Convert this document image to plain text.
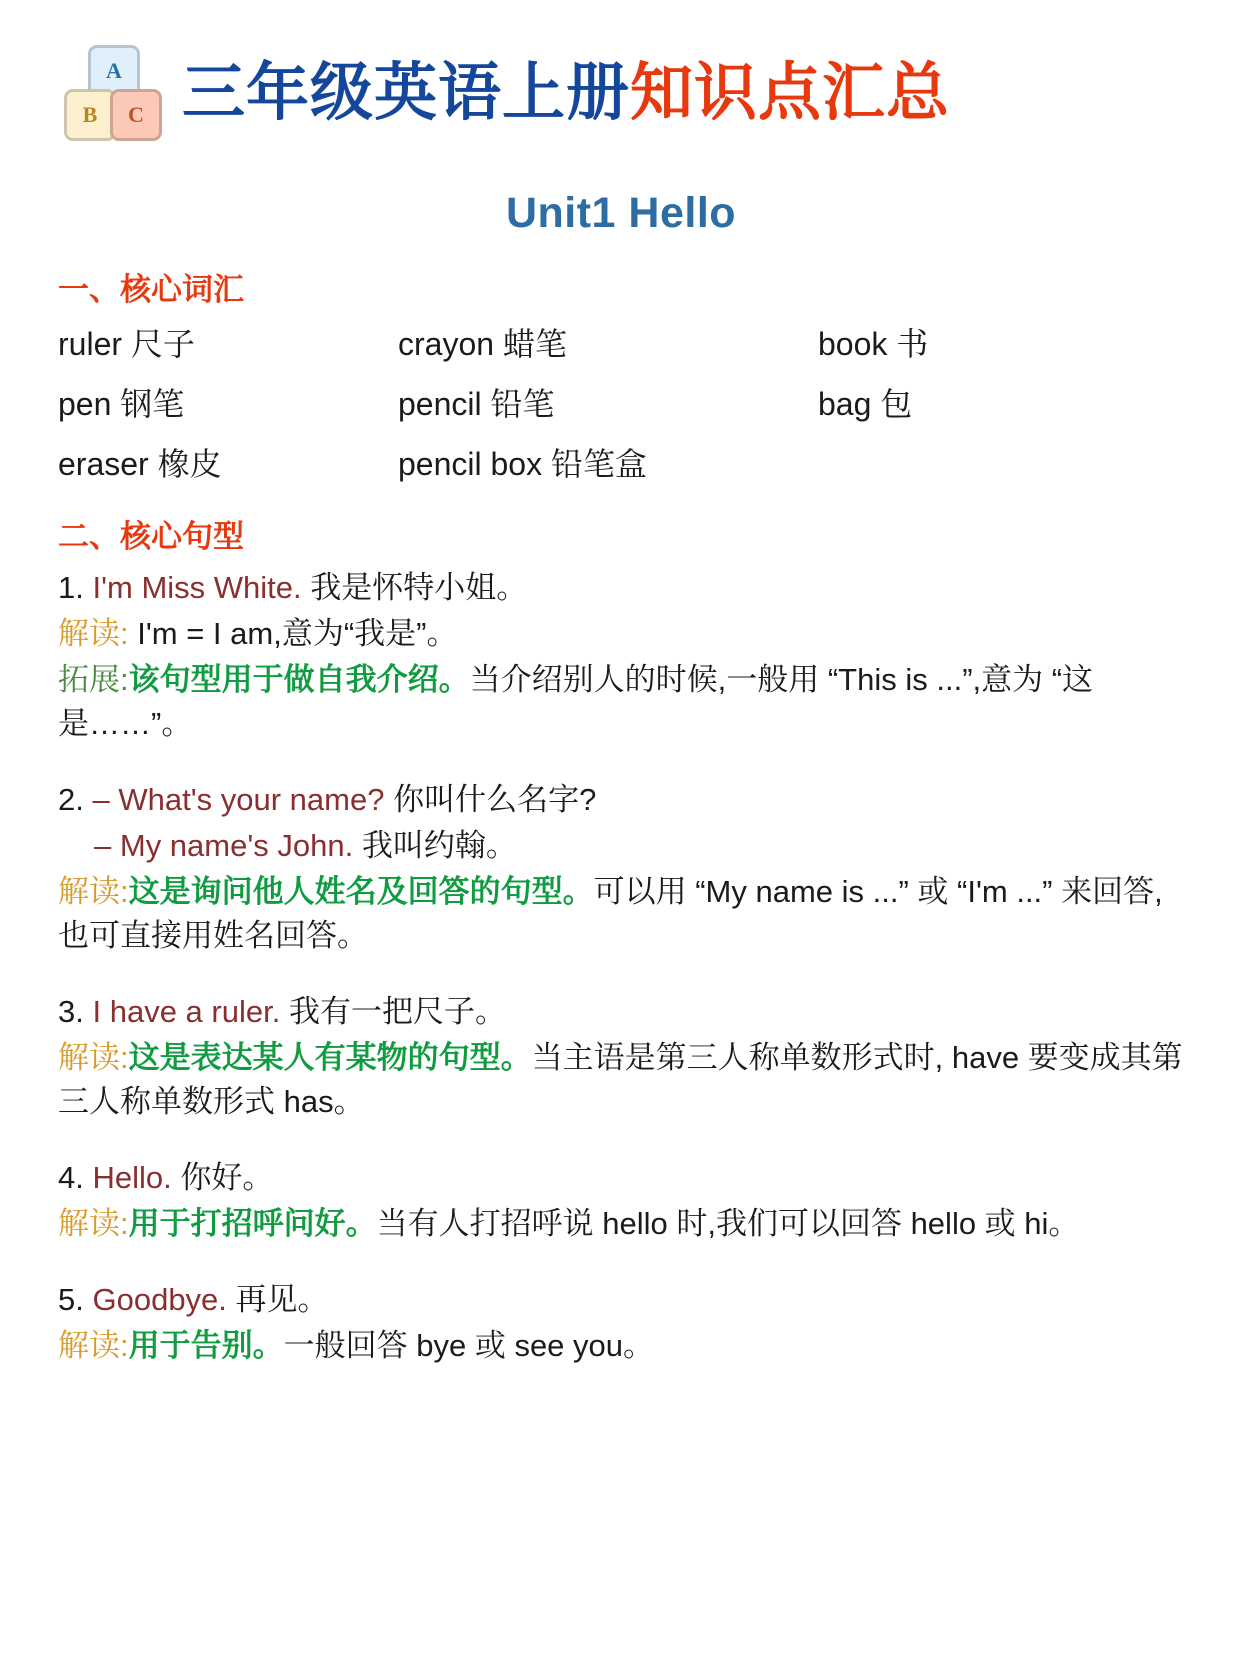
A
B	C 三年级英语上册知识点汇总
Unit1 Hello
一、核心词汇
ruler 尺子	crayon 蜡笔	book 书
pen 钢笔	pencil 铅笔	bag 包
eraser 橡皮	pencil box 铅笔盒
二、核心句型
1. I'm Miss White. 我是怀特小姐。
解读: I'm = I am,意为“我是”。
拓展:该句型用于做自我介绍。当介绍别人的时候,一般用 “This is ...”,意为 “这是……”。
2. – What's your name? 你叫什么名字?
– My name's John. 我叫约翰。
解读:这是询问他人姓名及回答的句型。可以用 “My name is ...” 或 “I'm ...” 来回答,也可直接用姓名回答。
3. I have a ruler. 我有一把尺子。
解读:这是表达某人有某物的句型。当主语是第三人称单数形式时, have 要变成其第三人称单数形式 has。
4. Hello. 你好。
解读:用于打招呼问好。当有人打招呼说 hello 时,我们可以回答 hello 或 hi。
5. Goodbye. 再见。
解读:用于告别。一般回答 bye 或 see you。
